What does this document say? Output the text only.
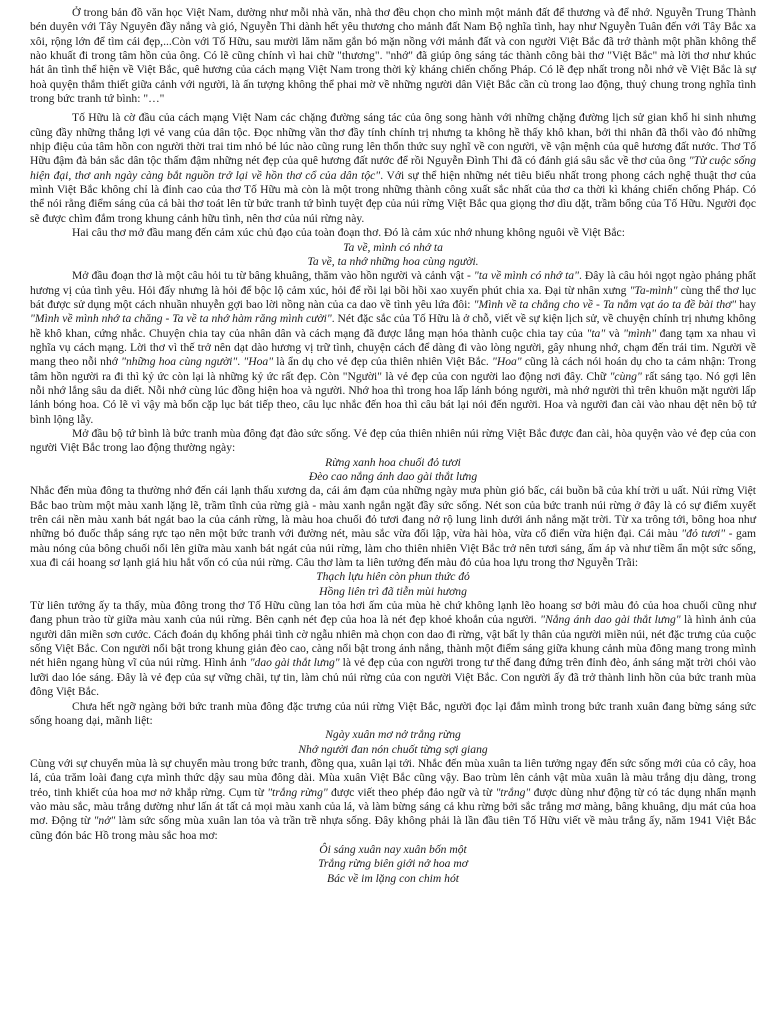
Ở trong bản đồ văn học Việt Nam, dường như mỗi nhà văn, nhà thơ đều chọn cho mình một mảnh đất để thương và để nhớ. Nguyễn Trung Thành bén duyên với Tây Nguyên đầy nắng và gió, Nguyễn Thi dành hết yêu thương cho mảnh đất Nam Bộ nghĩa tình, hay như Nguyễn Tuân đến với Tây Bắc xa xôi, rộng lớn để tìm cái đẹp,...Còn với Tố Hữu, sau mười lăm năm gắn bó mặn nồng với mảnh đất và con người Việt Bắc đã trở thành một phần không thể nào khuất đi trong tâm hồn của ông. Có lẽ cũng chính vì hai chữ "thương". "nhớ" đã giúp ông sáng tác thành công bài thơ "Việt Bắc" mà lời thơ như khúc hát ân tình thể hiện về Việt Bắc, quê hương của cách mạng Việt Nam trong thời kỳ kháng chiến chống Pháp. Có lẽ đẹp nhất trong nỗi nhớ về Việt Bắc là sự hoà quyện thắm thiết giữa cảnh với người, là ấn tượng không thể phai mờ về những người dân Việt Bắc cần cù trong lao động, thuỷ chung trong nghĩa tình trong bức tranh tứ bình: "…"

Tố Hữu là cờ đầu của cách mạng Việt Nam các chặng đường sáng tác của ông song hành với những chặng đường lịch sử gian khổ hi sinh nhưng cũng đầy những thắng lợi vẻ vang của dân tộc. Đọc những vần thơ đầy tính chính trị nhưng ta không hề thấy khô khan, bởi thi nhân đã thổi vào đó những nhịp điệu của tâm hồn con người thời trai tim nhỏ bé lúc nào cũng rung lên thổn thức suy nghĩ về con người, về vận mệnh của quê hương đất nước. Thơ Tố Hữu đậm đà bản sắc dân tộc thấm đậm những nét đẹp của quê hương đất nước để rồi Nguyễn Đình Thi đã có đánh giá sâu sắc về thơ của ông "Từ cuộc sống hiện đại, thơ anh ngày càng bắt nguồn trở lại về hồn thơ cổ của dân tộc". Với sự thể hiện những nét tiêu biểu nhất trong phong cách nghệ thuật thơ của mình Việt Bắc không chỉ là đỉnh cao của thơ Tố Hữu mà còn là một trong những thành công xuất sắc nhất của thơ ca thời kì kháng chiến chống Pháp. Có thể nói rằng điểm sáng của cả bài thơ toát lên từ bức tranh tứ bình tuyệt đẹp của núi rừng Việt Bắc qua giọng thơ dìu dặt, trầm bổng của Tố Hữu. Người đọc sẽ được chìm đắm trong khung cảnh hữu tình, nên thơ của núi rừng này.

Hai câu thơ mở đầu mang đến cảm xúc chủ đạo của toàn đoạn thơ. Đó là cảm xúc nhớ nhung không nguôi về Việt Bắc:

Ta về, mình có nhớ ta

Ta về, ta nhớ những hoa cùng người.

Mở đầu đoạn thơ là một câu hỏi tu từ bâng khuâng, thăm vào hồn người và cảnh vật - "ta về mình có nhớ ta". Đây là câu hỏi ngọt ngào phảng phất hương vị của tình yêu. Hỏi đấy nhưng là hỏi để bộc lộ cảm xúc, hỏi để rồi lại bồi hồi xao xuyến phút chia xa. Đại từ nhân xưng "Ta-mình" cùng thể thơ lục bát được sử dụng một cách nhuần nhuyễn gợi bao lời nồng nàn của ca dao về tình yêu lứa đôi: "Mình về ta chẳng cho về - Ta nắm vạt áo ta đề bài thơ" hay "Mình về mình nhớ ta chăng - Ta về ta nhớ hàm răng mình cười". Nét đặc sắc của Tố Hữu là ở chỗ, viết về sự kiện lịch sử, về chuyện chính trị nhưng không hề khô khan, cứng nhắc. Chuyện chia tay của nhân dân và cách mạng đã được lắng mạn hóa thành cuộc chia tay của "ta" và "mình" đang tạm xa nhau vì nghĩa vụ cách mạng. Lời thơ vì thế trở nên dạt dào hương vị trữ tình, chuyện cách để dàng đi vào lòng người, gây nhung nhớ, chạm đến trái tim. Người về mang theo nỗi nhớ "những hoa cùng người". "Hoa" là ẩn dụ cho vẻ đẹp của thiên nhiên Việt Bắc. "Hoa" cũng là cách nói hoán dụ cho ta cảm nhận: Trong tâm hồn người ra đi thì kỷ ức còn lại là những kỷ ức rất đẹp. Còn "Người" là vẻ đẹp của con người lao động nơi đây. Chữ "cùng" rất sáng tạo. Nó gợi lên nỗi nhớ lắng sâu da diết. Nỗi nhớ cùng lúc đồng hiện hoa và người. Nhớ hoa thì trong hoa lấp lánh bóng người, mà nhớ người thì trên khuôn mặt người lấp lánh bóng hoa. Có lẽ vì vậy mà bốn cặp lục bát tiếp theo, câu lục nhắc đến hoa thì câu bát lại nói đến người. Hoa và người đan cài vào nhau dệt nên bộ tứ bình lộng lẫy.

Mở đầu bộ tứ bình là bức tranh mùa đông đạt đào sức sống. Vẻ đẹp của thiên nhiên núi rừng Việt Bắc được đan cài, hòa quyện vào vẻ đẹp của con người Việt Bắc trong lao động thường ngày:

Rừng xanh hoa chuối đỏ tươi

Đèo cao nắng ánh dao gài thắt lưng

Nhắc đến mùa đông ta thường nhớ đến cái lạnh thấu xương da, cái ảm đạm của những ngày mưa phùn gió bấc, cái buồn bã của khí trời u uất. Núi rừng Việt Bắc bao trùm một màu xanh lặng lẽ, trầm tĩnh của rừng già - màu xanh ngắn ngặt đầy sức sống. Nét son của bức tranh núi rừng ở đây là có sự điểm xuyết trên cái nền màu xanh bát ngát bao la của cánh rừng, là màu hoa chuối đỏ tươi đang nở rộ lung linh dưới ánh nắng mặt trời. Từ xa trông tới, bông hoa như những bó đuốc thắp sáng rực tạo nên một bức tranh với đường nét, màu sắc vừa đối lập, vừa hài hòa, vừa cổ điển vừa hiện đại. Cái màu "đỏ tươi" - gam màu nóng của bông chuối nổi lên giữa màu xanh bát ngát của núi rừng, làm cho thiên nhiên Việt Bắc trở nên tươi sáng, ấm áp và như tiềm ẩn một sức sống, xua đi cái hoang sơ lạnh giá hiu hắt vốn có của núi rừng. Câu thơ làm ta liên tưởng đến màu đỏ của hoa lựu trong thơ Nguyễn Trãi:

Thạch lựu hiên còn phun thức đỏ

Hồng liên trì đã tiễn mùi hương

Từ liên tưởng ấy ta thấy, mùa đông trong thơ Tố Hữu cũng lan tỏa hơi ấm của mùa hè chứ không lạnh lẽo hoang sơ bởi màu đỏ của hoa chuối cũng như đang phun trào từ giữa màu xanh của núi rừng. Bên cạnh nét đẹp của hoa là nét đẹp khoẻ khoắn của người. "Nắng ánh dao gài thắt lưng" là hình ảnh của người dân miền sơn cước. Cách đoán dụ khống phải tình cờ ngẫu nhiên mà chọn con dao đi rừng, vật bất ly thân của người miền núi, nét đặc trưng của cuộc sống Việt Bắc. Con người nổi bật trong khung giản đèo cao, càng nổi bật trong ánh nắng, thành một điểm sáng giữa khung cảnh mùa đông mang trong mình nét hiên ngang hùng vĩ của núi rừng. Hình ảnh "dao gài thắt lưng" là vẻ đẹp của con người trong tư thế đang đứng trên đỉnh đèo, ánh sáng mặt trời chói vào lưỡi dao lóe sáng. Đây là vẻ đẹp của sự vững chãi, tự tin, làm chủ núi rừng của con người Việt Bắc. Con người ấy đã trở thành linh hồn của bức tranh mùa đông Việt Bắc.

Chưa hết ngỡ ngàng bởi bức tranh mùa đông đặc trưng của núi rừng Việt Bắc, người đọc lại đắm mình trong bức tranh xuân đang bừng sáng sức sống hoang dại, mãnh liệt:

Ngày xuân mơ nở trắng rừng

Nhớ người đan nón chuốt từng sợi giang

Cùng với sự chuyển mùa là sự chuyển màu trong bức tranh, đồng qua, xuân lại tới. Nhắc đến mùa xuân ta liên tưởng ngay đến sức sống mới của cỏ cây, hoa lá, của trăm loài đang cựa mình thức dậy sau mùa đông dài. Mùa xuân Việt Bắc cũng vậy. Bao trùm lên cảnh vật mùa xuân là màu trắng dịu dàng, trong trẻo, tinh khiết của hoa mơ nở khắp rừng. Cụm từ "trắng rừng" được viết theo phép đảo ngữ và từ "trắng" được dùng như động từ có tác dụng nhấn mạnh vào màu sắc, màu trắng dường như lấn át tất cả mọi màu xanh của lá, và làm bừng sáng cả khu rừng bởi sắc trắng mơ màng, bâng khuâng, dịu mát của hoa mơ. Động từ "nở" làm sức sống mùa xuân lan tỏa và trần trề nhựa sống. Đây không phải là lần đầu tiên Tố Hữu viết về màu trắng ấy, năm 1941 Việt Bắc cũng đón bác Hồ trong màu sắc hoa mơ:

Ôi sáng xuân nay xuân bốn một

Trắng rừng biên giới nở hoa mơ

Bác về im lặng con chim hót
